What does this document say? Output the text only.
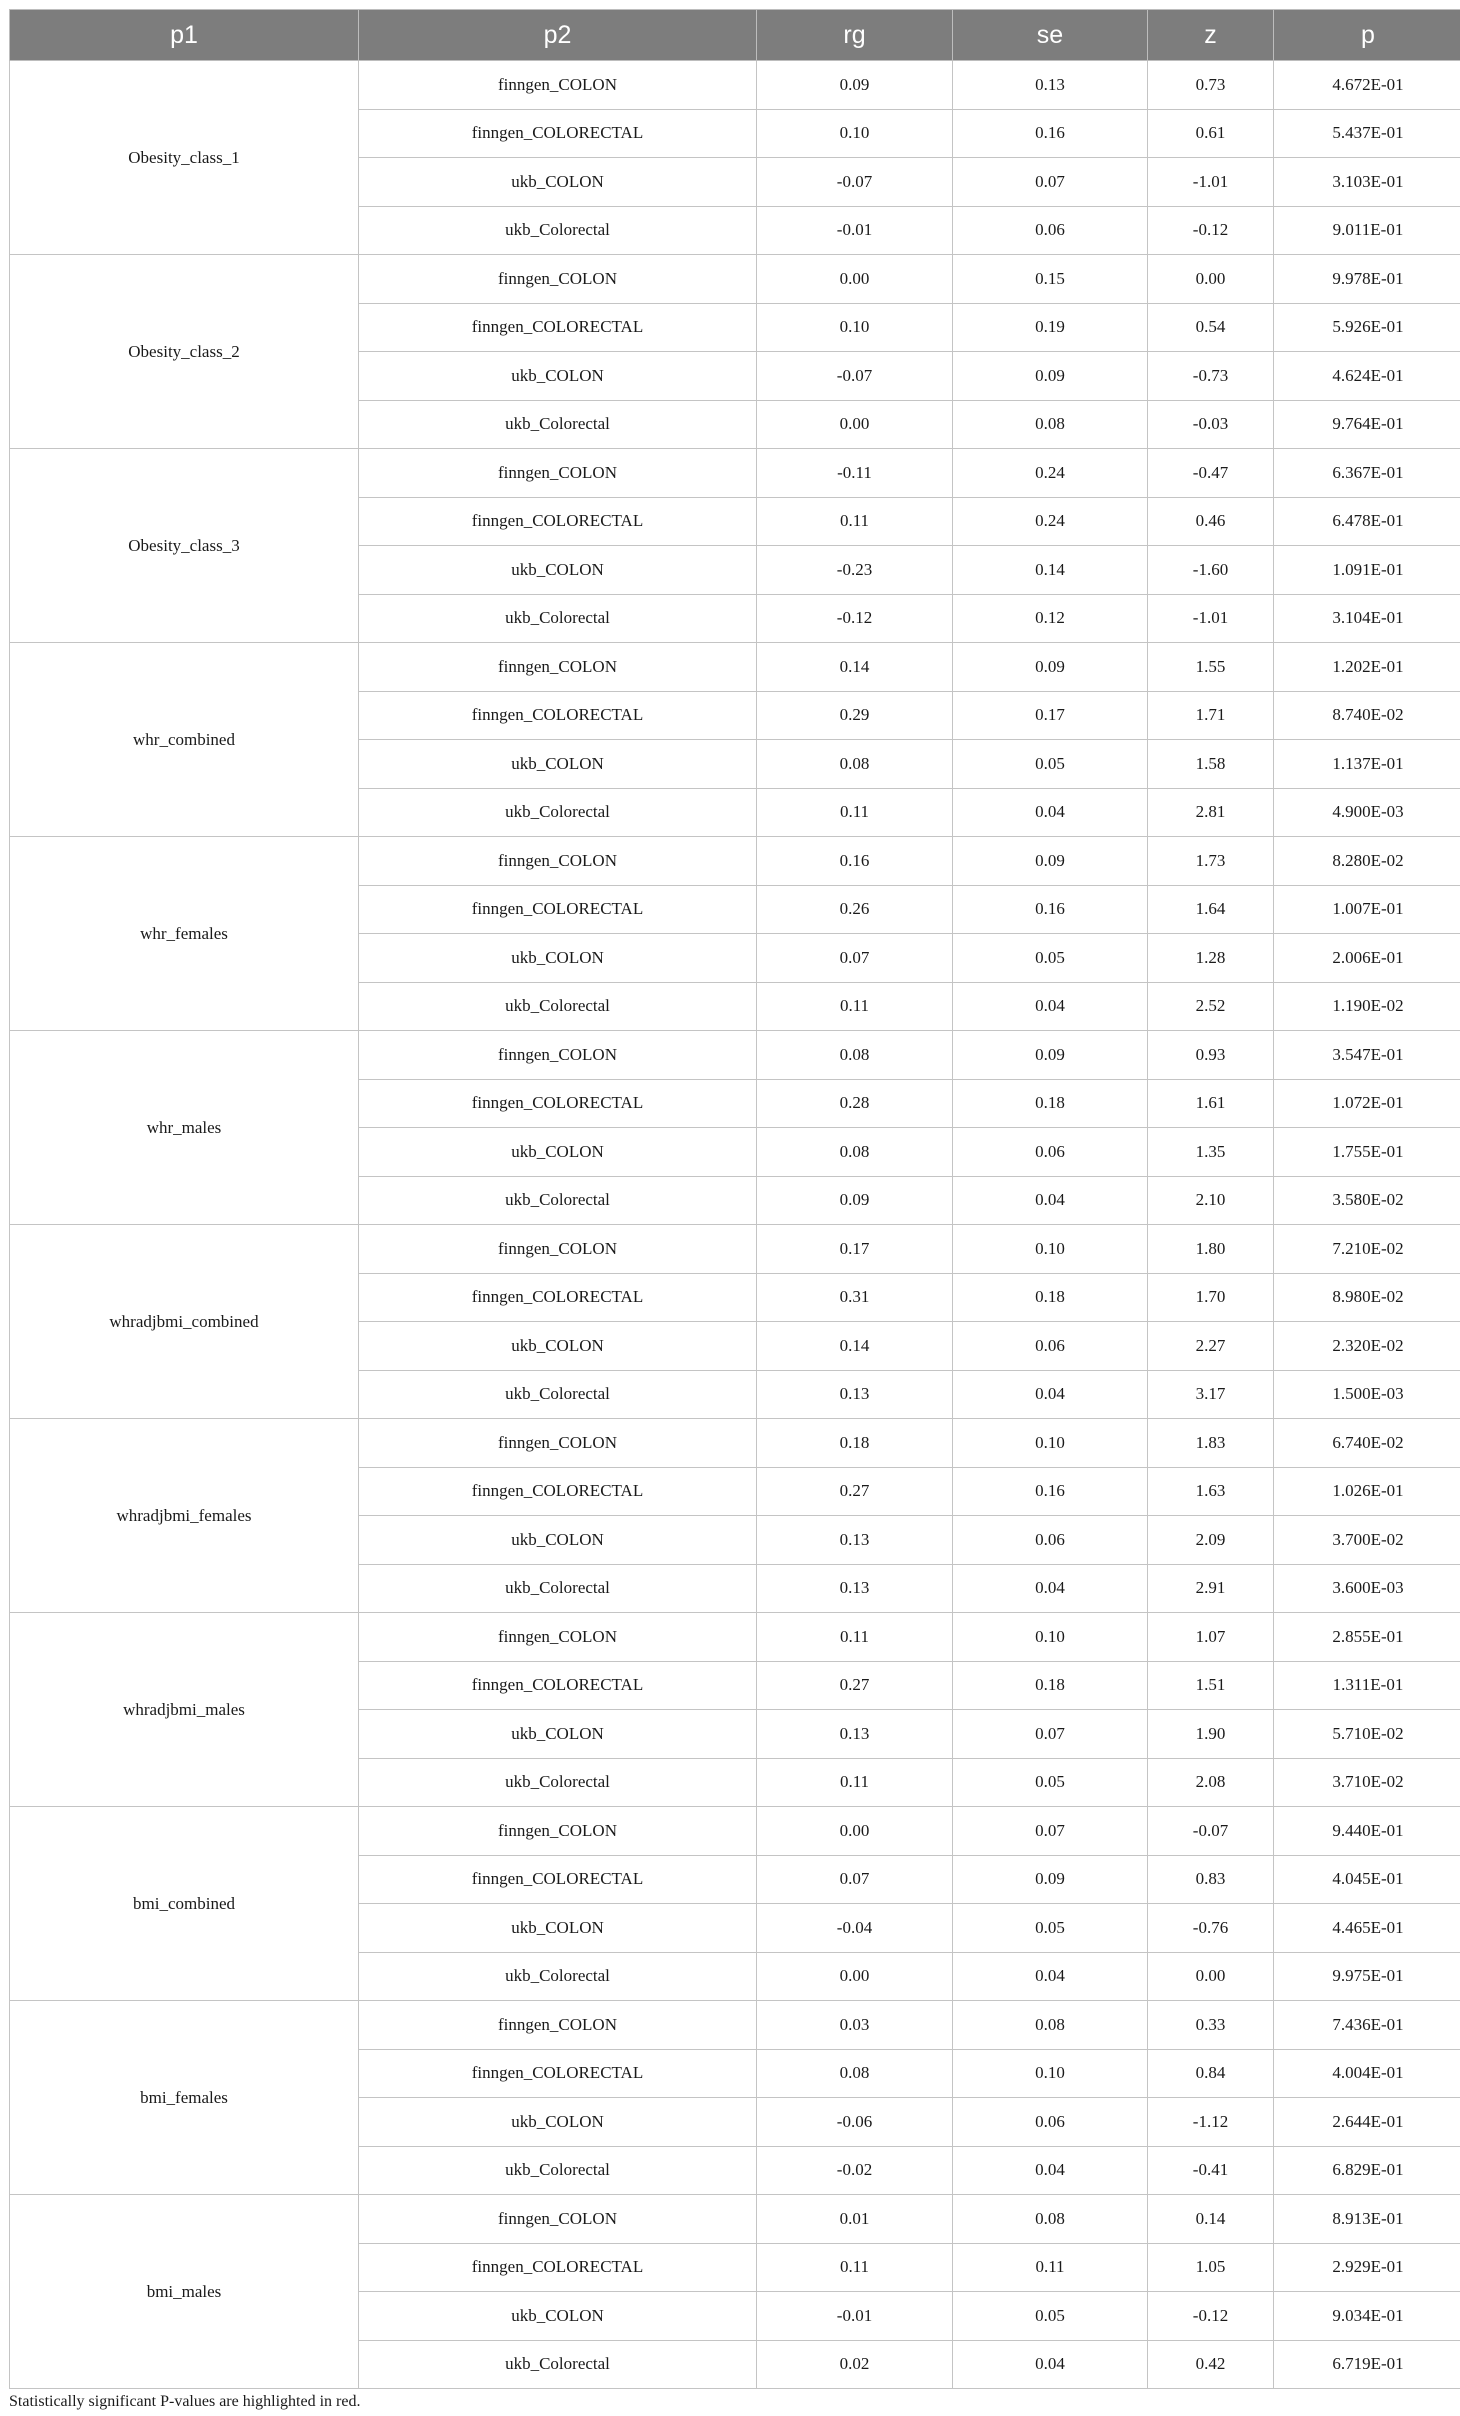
p1	p2	rg	se	z	p
Obesity_class_1	finngen_COLON	0.09	0.13	0.73	4.672E-01
	finngen_COLORECTAL	0.10	0.16	0.61	5.437E-01
	ukb_COLON	-0.07	0.07	-1.01	3.103E-01
	ukb_Colorectal	-0.01	0.06	-0.12	9.011E-01
Obesity_class_2	finngen_COLON	0.00	0.15	0.00	9.978E-01
	finngen_COLORECTAL	0.10	0.19	0.54	5.926E-01
	ukb_COLON	-0.07	0.09	-0.73	4.624E-01
	ukb_Colorectal	0.00	0.08	-0.03	9.764E-01
Obesity_class_3	finngen_COLON	-0.11	0.24	-0.47	6.367E-01
	finngen_COLORECTAL	0.11	0.24	0.46	6.478E-01
	ukb_COLON	-0.23	0.14	-1.60	1.091E-01
	ukb_Colorectal	-0.12	0.12	-1.01	3.104E-01
whr_combined	finngen_COLON	0.14	0.09	1.55	1.202E-01
	finngen_COLORECTAL	0.29	0.17	1.71	8.740E-02
	ukb_COLON	0.08	0.05	1.58	1.137E-01
	ukb_Colorectal	0.11	0.04	2.81	4.900E-03
whr_females	finngen_COLON	0.16	0.09	1.73	8.280E-02
	finngen_COLORECTAL	0.26	0.16	1.64	1.007E-01
	ukb_COLON	0.07	0.05	1.28	2.006E-01
	ukb_Colorectal	0.11	0.04	2.52	1.190E-02
whr_males	finngen_COLON	0.08	0.09	0.93	3.547E-01
	finngen_COLORECTAL	0.28	0.18	1.61	1.072E-01
	ukb_COLON	0.08	0.06	1.35	1.755E-01
	ukb_Colorectal	0.09	0.04	2.10	3.580E-02
whradjbmi_combined	finngen_COLON	0.17	0.10	1.80	7.210E-02
	finngen_COLORECTAL	0.31	0.18	1.70	8.980E-02
	ukb_COLON	0.14	0.06	2.27	2.320E-02
	ukb_Colorectal	0.13	0.04	3.17	1.500E-03
whradjbmi_females	finngen_COLON	0.18	0.10	1.83	6.740E-02
	finngen_COLORECTAL	0.27	0.16	1.63	1.026E-01
	ukb_COLON	0.13	0.06	2.09	3.700E-02
	ukb_Colorectal	0.13	0.04	2.91	3.600E-03
whradjbmi_males	finngen_COLON	0.11	0.10	1.07	2.855E-01
	finngen_COLORECTAL	0.27	0.18	1.51	1.311E-01
	ukb_COLON	0.13	0.07	1.90	5.710E-02
	ukb_Colorectal	0.11	0.05	2.08	3.710E-02
bmi_combined	finngen_COLON	0.00	0.07	-0.07	9.440E-01
	finngen_COLORECTAL	0.07	0.09	0.83	4.045E-01
	ukb_COLON	-0.04	0.05	-0.76	4.465E-01
	ukb_Colorectal	0.00	0.04	0.00	9.975E-01
bmi_females	finngen_COLON	0.03	0.08	0.33	7.436E-01
	finngen_COLORECTAL	0.08	0.10	0.84	4.004E-01
	ukb_COLON	-0.06	0.06	-1.12	2.644E-01
	ukb_Colorectal	-0.02	0.04	-0.41	6.829E-01
bmi_males	finngen_COLON	0.01	0.08	0.14	8.913E-01
	finngen_COLORECTAL	0.11	0.11	1.05	2.929E-01
	ukb_COLON	-0.01	0.05	-0.12	9.034E-01
	ukb_Colorectal	0.02	0.04	0.42	6.719E-01
Statistically significant P-values are highlighted in red.
